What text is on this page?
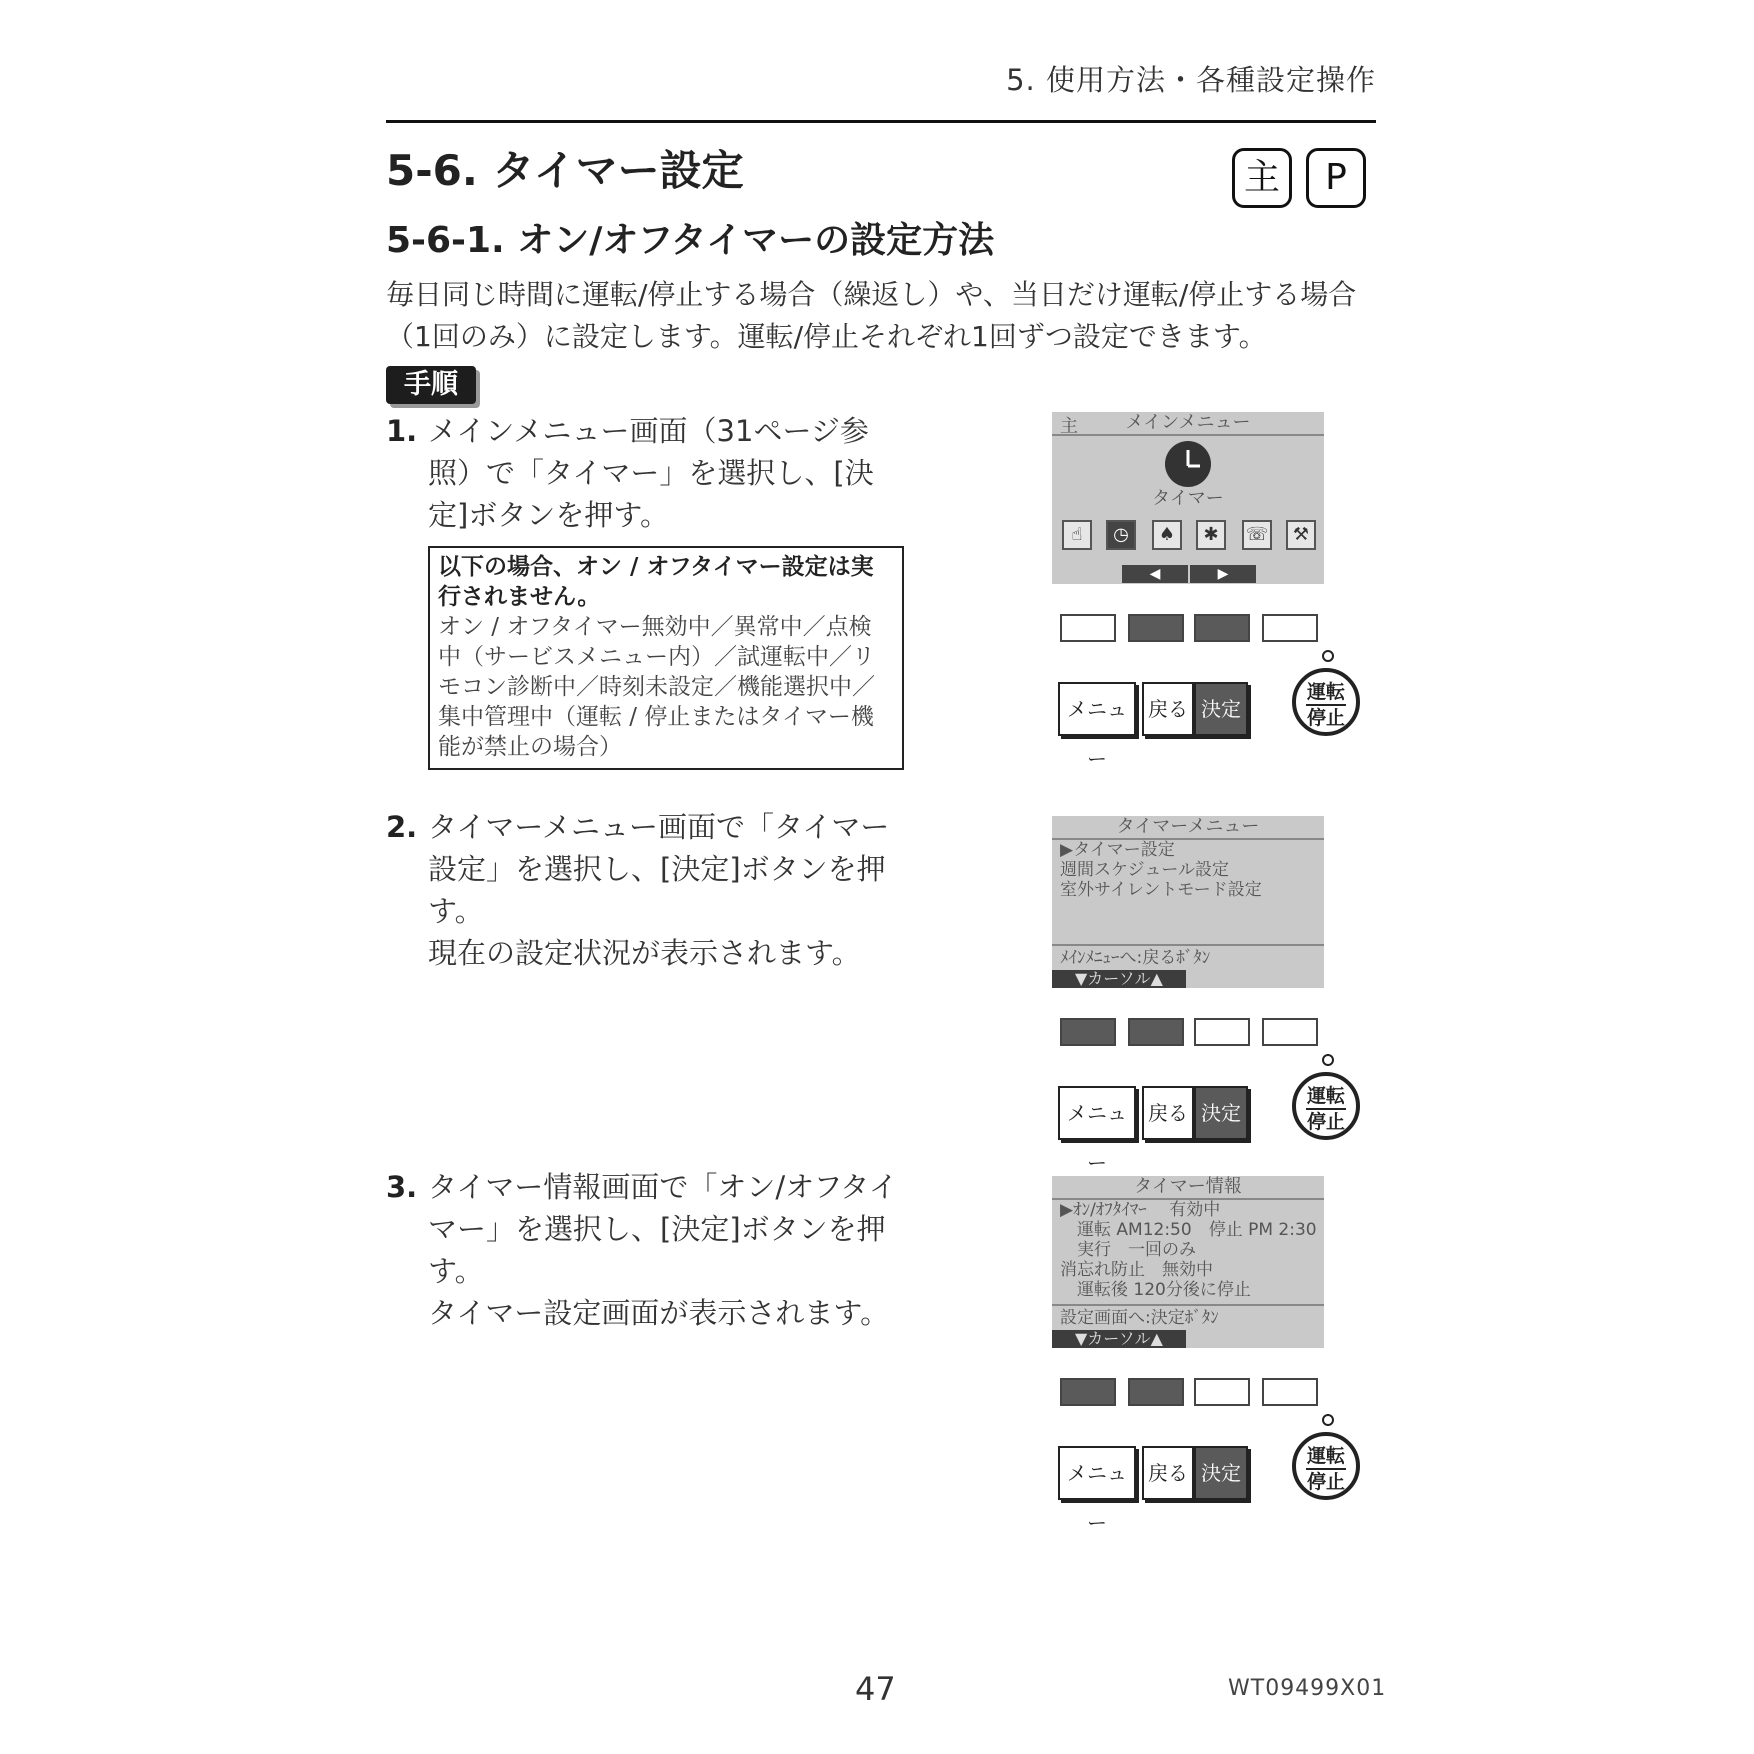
5. 使用方法・各種設定操作
5-6. タイマー設定	主	P
5-6-1. オン/オフタイマーの設定方法
毎日同じ時間に運転/停止する場合（繰返し）や、当日だけ運転/停止する場合（1回のみ）に設定します。運転/停止それぞれ1回ずつ設定できます。
手順
1. メインメニュー画面（31ページ参照）で「タイマー」を選択し、[決定]ボタンを押す。
以下の場合、オン / オフタイマー設定は実行されません。
オン / オフタイマー無効中／異常中／点検中（サービスメニュー内）／試運転中／リモコン診断中／時刻未設定／機能選択中／集中管理中（運転 / 停止またはタイマー機能が禁止の場合）
2. タイマーメニュー画面で「タイマー設定」を選択し、[決定]ボタンを押す。
現在の設定状況が表示されます。
3. タイマー情報画面で「オン/オフタイマー」を選択し、[決定]ボタンを押す。
タイマー設定画面が表示されます。
主	メインメニュー
タイマー
☝	◷	♠	✱	☏	⚒
◀	▶
メニュー
戻る 決定
運転
停止
タイマーメニュー
▶タイマー設定
週間スケジュール設定
室外サイレントモード設定
ﾒｲﾝﾒﾆｭｰへ:戻るﾎﾞﾀﾝ
▼カーソル▲
メニュー
戻る 決定
運転
停止
タイマー情報
▶ｵﾝ/ｵﾌﾀｲﾏｰ　 有効中
　運転 AM12:50　停止 PM 2:30
　実行　一回のみ
消忘れ防止　無効中
　運転後 120分後に停止
設定画面へ:決定ﾎﾞﾀﾝ
▼カーソル▲
メニュー
戻る 決定
運転
停止
47	WT09499X01
